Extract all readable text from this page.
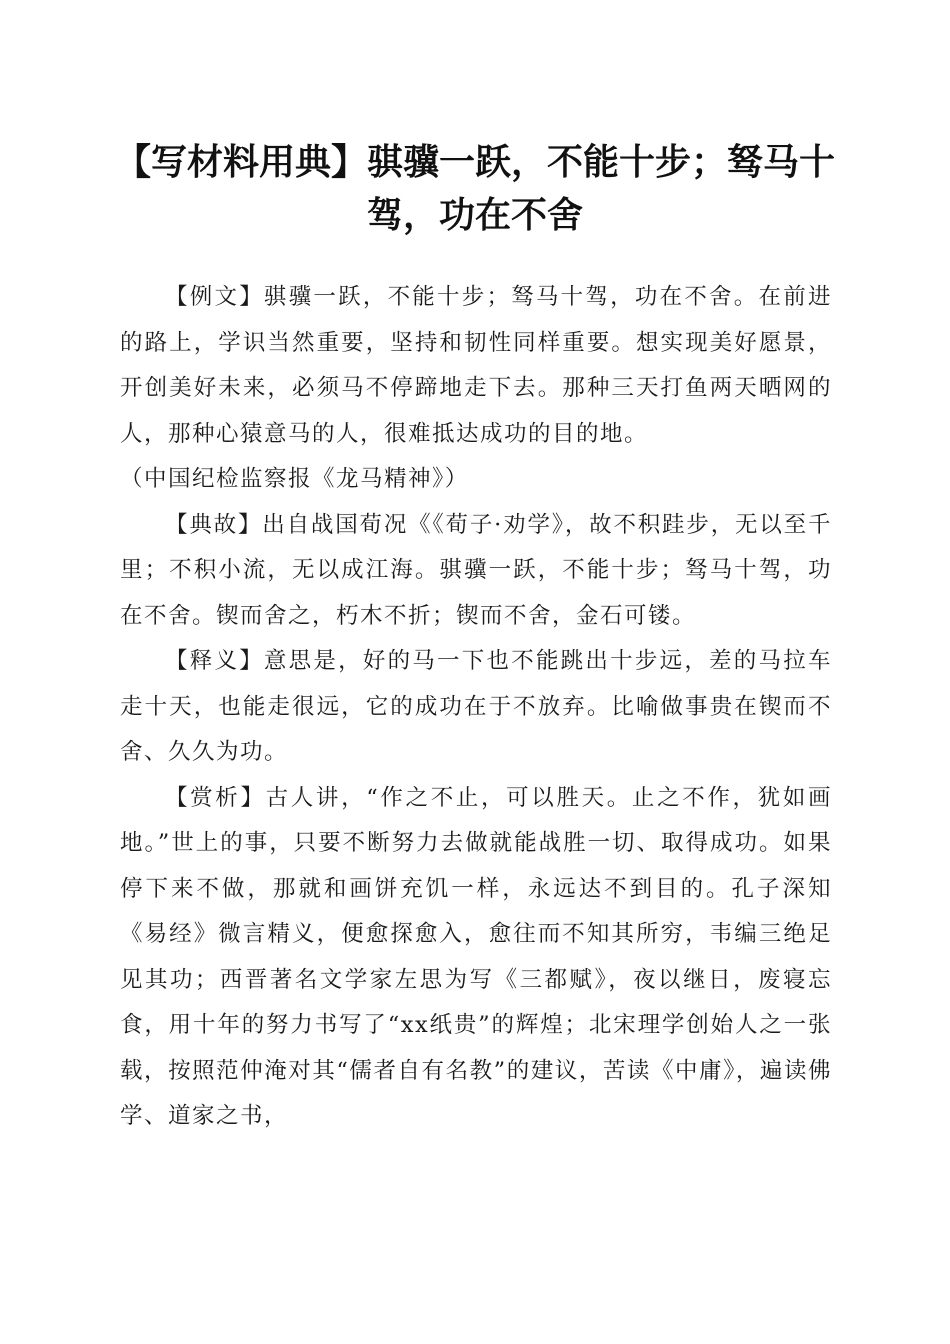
【写材料用典】骐骥一跃，不能十步；驽马十驾，功在不舍

【例文】骐骥一跃，不能十步；驽马十驾，功在不舍。在前进的路上，学识当然重要，坚持和韧性同样重要。想实现美好愿景，开创美好未来，必须马不停蹄地走下去。那种三天打鱼两天晒网的人，那种心猿意马的人，很难抵达成功的目的地。

（中国纪检监察报《龙马精神》）

【典故】出自战国荀况《《荀子·劝学》，故不积跬步，无以至千里；不积小流，无以成江海。骐骥一跃，不能十步；驽马十驾，功在不舍。锲而舍之，朽木不折；锲而不舍，金石可镂。

【释义】意思是，好的马一下也不能跳出十步远，差的马拉车走十天，也能走很远，它的成功在于不放弃。比喻做事贵在锲而不舍、久久为功。

【赏析】古人讲，“作之不止，可以胜天。止之不作，犹如画地。”世上的事，只要不断努力去做就能战胜一切、取得成功。如果停下来不做，那就和画饼充饥一样，永远达不到目的。孔子深知《易经》微言精义，便愈探愈入，愈往而不知其所穷，韦编三绝足见其功；西晋著名文学家左思为写《三都赋》，夜以继日，废寝忘食，用十年的努力书写了“xx纸贵”的辉煌；北宋理学创始人之一张载，按照范仲淹对其“儒者自有名教”的建议，苦读《中庸》，遍读佛学、道家之书，
